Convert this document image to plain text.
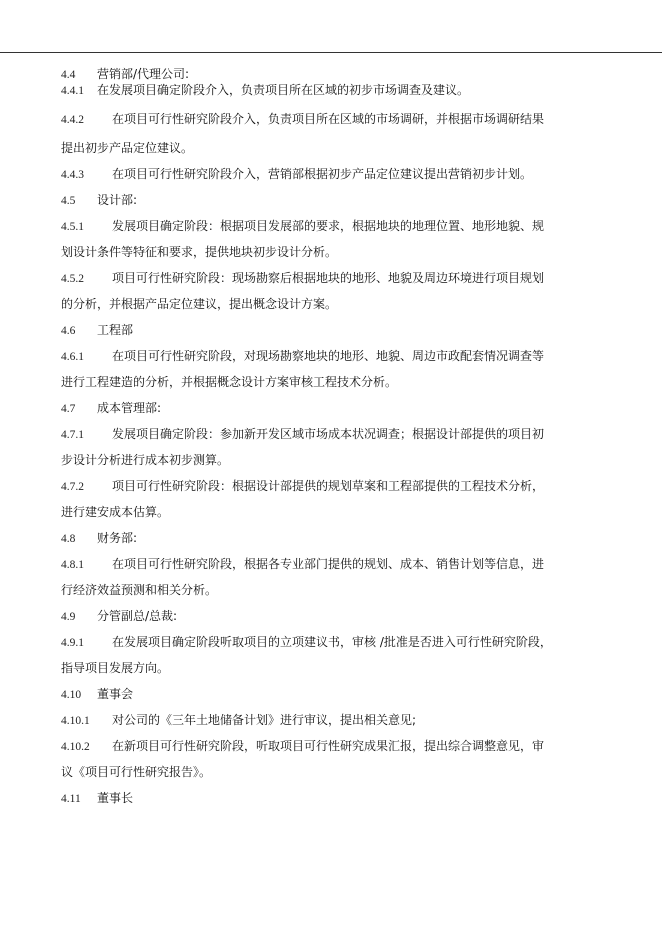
4.4 营销部/代理公司:
4.4.1 在发展项目确定阶段介入，负责项目所在区域的初步市场调查及建议。
4.4.2 在项目可行性研究阶段介入，负责项目所在区域的市场调研，并根据市场调研结果
提出初步产品定位建议。
4.4.3 在项目可行性研究阶段介入，营销部根据初步产品定位建议提出营销初步计划。
4.5 设计部:
4.5.1 发展项目确定阶段：根据项目发展部的要求，根据地块的地理位置、地形地貌、规
划设计条件等特征和要求，提供地块初步设计分析。
4.5.2 项目可行性研究阶段：现场勘察后根据地块的地形、地貌及周边环境进行项目规划
的分析，并根据产品定位建议，提出概念设计方案。
4.6 工程部
4.6.1 在项目可行性研究阶段，对现场勘察地块的地形、地貌、周边市政配套情况调查等
进行工程建造的分析，并根据概念设计方案审核工程技术分析。
4.7 成本管理部:
4.7.1 发展项目确定阶段：参加新开发区域市场成本状况调查；根据设计部提供的项目初
步设计分析进行成本初步测算。
4.7.2 项目可行性研究阶段：根据设计部提供的规划草案和工程部提供的工程技术分析，
进行建安成本估算。
4.8 财务部:
4.8.1 在项目可行性研究阶段，根据各专业部门提供的规划、成本、销售计划等信息，进
行经济效益预测和相关分析。
4.9 分管副总/总裁:
4.9.1 在发展项目确定阶段听取项目的立项建议书，审核 /批准是否进入可行性研究阶段，
指导项目发展方向。
4.10 董事会
4.10.1 对公司的《三年土地储备计划》进行审议，提出相关意见;
4.10.2 在新项目可行性研究阶段，听取项目可行性研究成果汇报，提出综合调整意见，审
议《项目可行性研究报告》。
4.11 董事长
